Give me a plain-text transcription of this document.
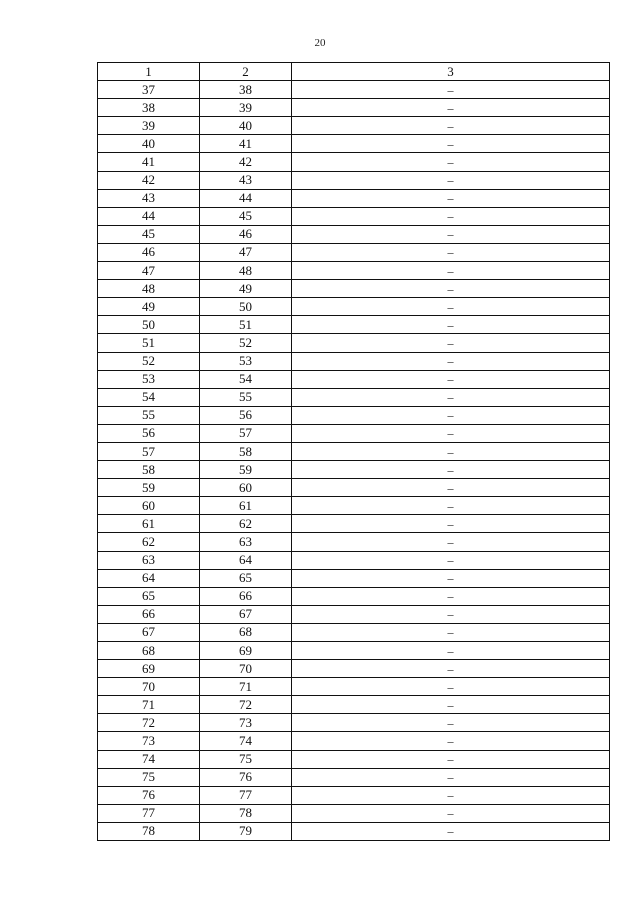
20
1	2	3
37	38	–
38	39	–
39	40	–
40	41	–
41	42	–
42	43	–
43	44	–
44	45	–
45	46	–
46	47	–
47	48	–
48	49	–
49	50	–
50	51	–
51	52	–
52	53	–
53	54	–
54	55	–
55	56	–
56	57	–
57	58	–
58	59	–
59	60	–
60	61	–
61	62	–
62	63	–
63	64	–
64	65	–
65	66	–
66	67	–
67	68	–
68	69	–
69	70	–
70	71	–
71	72	–
72	73	–
73	74	–
74	75	–
75	76	–
76	77	–
77	78	–
78	79	–
